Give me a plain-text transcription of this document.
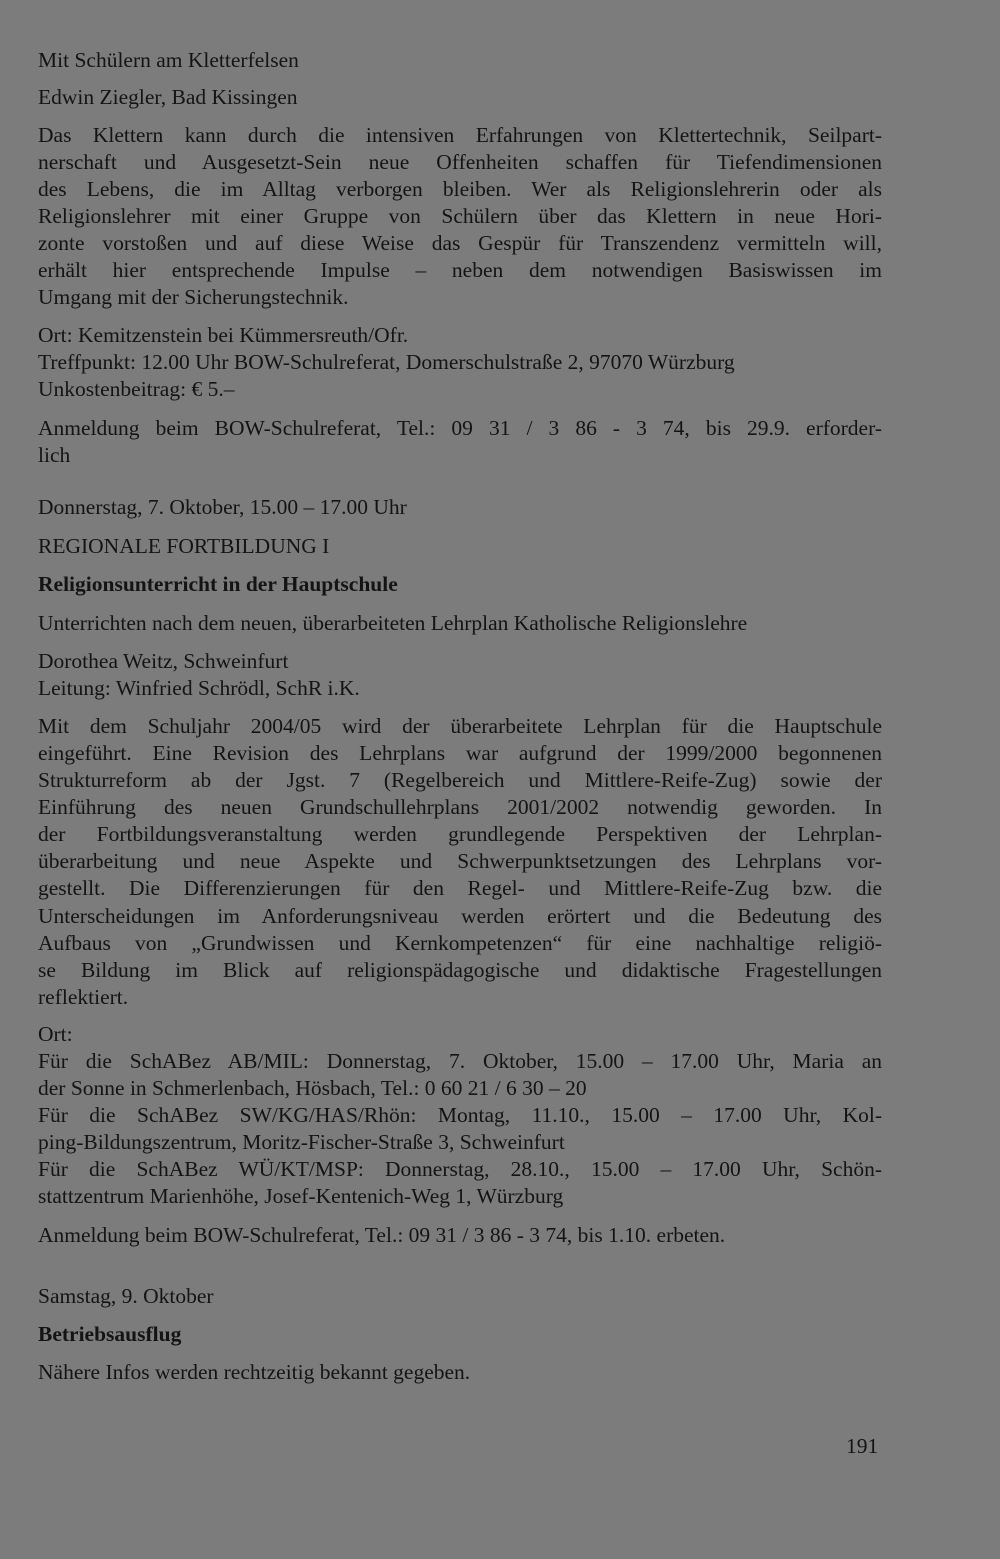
Mit Schülern am Kletterfelsen
Edwin Ziegler, Bad Kissingen
Das Klettern kann durch die intensiven Erfahrungen von Klettertechnik, Seilpart-
nerschaft und Ausgesetzt-Sein neue Offenheiten schaffen für Tiefendimensionen
des Lebens, die im Alltag verborgen bleiben. Wer als Religionslehrerin oder als
Religionslehrer mit einer Gruppe von Schülern über das Klettern in neue Hori-
zonte vorstoßen und auf diese Weise das Gespür für Transzendenz vermitteln will,
erhält hier entsprechende Impulse – neben dem notwendigen Basiswissen im
Umgang mit der Sicherungstechnik.
Ort: Kemitzenstein bei Kümmersreuth/Ofr.
Treffpunkt: 12.00 Uhr BOW-Schulreferat, Domerschulstraße 2, 97070 Würzburg
Unkostenbeitrag: € 5.–
Anmeldung beim BOW-Schulreferat, Tel.: 09 31 / 3 86 - 3 74, bis 29.9. erforder-
lich
Donnerstag, 7. Oktober, 15.00 – 17.00 Uhr
REGIONALE FORTBILDUNG I
Religionsunterricht in der Hauptschule
Unterrichten nach dem neuen, überarbeiteten Lehrplan Katholische Religionslehre
Dorothea Weitz, Schweinfurt
Leitung: Winfried Schrödl, SchR i.K.
Mit dem Schuljahr 2004/05 wird der überarbeitete Lehrplan für die Hauptschule
eingeführt. Eine Revision des Lehrplans war aufgrund der 1999/2000 begonnenen
Strukturreform ab der Jgst. 7 (Regelbereich und Mittlere-Reife-Zug) sowie der
Einführung des neuen Grundschullehrplans 2001/2002 notwendig geworden. In
der Fortbildungsveranstaltung werden grundlegende Perspektiven der Lehrplan-
überarbeitung und neue Aspekte und Schwerpunktsetzungen des Lehrplans vor-
gestellt. Die Differenzierungen für den Regel- und Mittlere-Reife-Zug bzw. die
Unterscheidungen im Anforderungsniveau werden erörtert und die Bedeutung des
Aufbaus von „Grundwissen und Kernkompetenzen“ für eine nachhaltige religiö-
se Bildung im Blick auf religionspädagogische und didaktische Fragestellungen
reflektiert.
Ort:
Für die SchABez AB/MIL: Donnerstag, 7. Oktober, 15.00 – 17.00 Uhr, Maria an
der Sonne in Schmerlenbach, Hösbach, Tel.: 0 60 21 / 6 30 – 20
Für die SchABez SW/KG/HAS/Rhön: Montag, 11.10., 15.00 – 17.00 Uhr, Kol-
ping-Bildungszentrum, Moritz-Fischer-Straße 3, Schweinfurt
Für die SchABez WÜ/KT/MSP: Donnerstag, 28.10., 15.00 – 17.00 Uhr, Schön-
stattzentrum Marienhöhe, Josef-Kentenich-Weg 1, Würzburg
Anmeldung beim BOW-Schulreferat, Tel.: 09 31 / 3 86 - 3 74, bis 1.10. erbeten.
Samstag, 9. Oktober
Betriebsausflug
Nähere Infos werden rechtzeitig bekannt gegeben.
191
